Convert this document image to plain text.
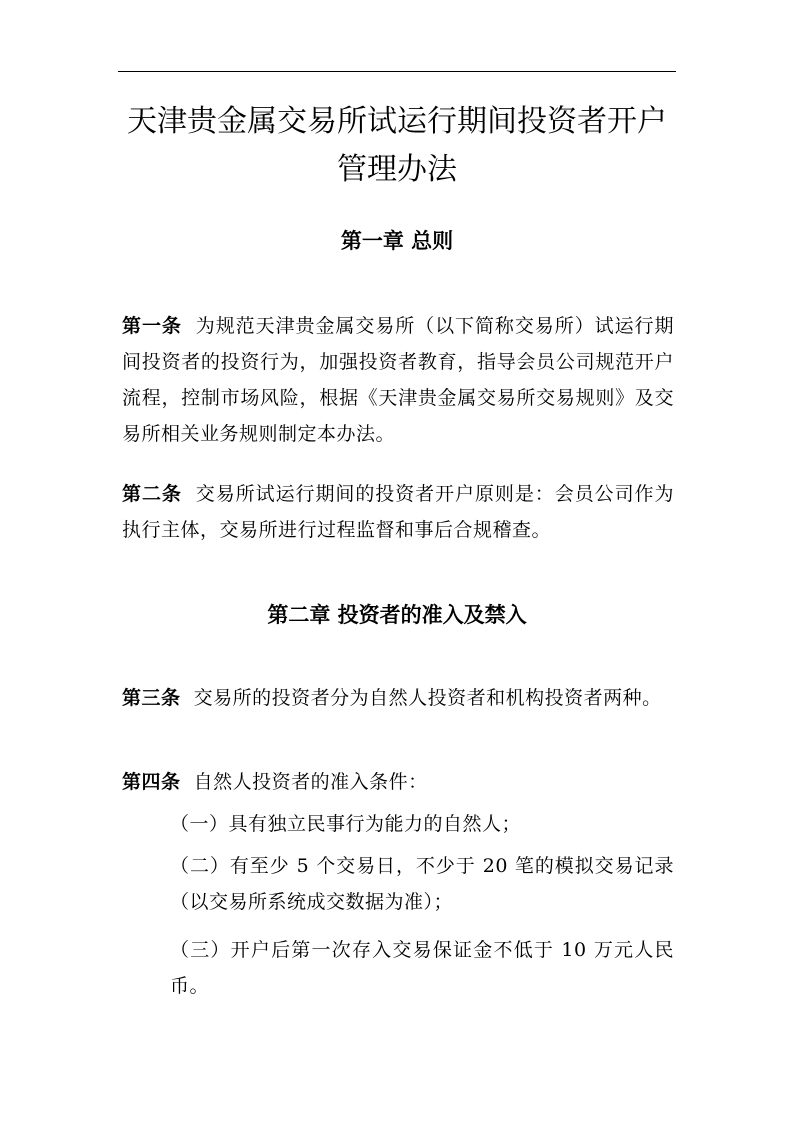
天津贵金属交易所试运行期间投资者开户管理办法
第一章 总则

第一条 为规范天津贵金属交易所（以下简称交易所）试运行期间投资者的投资行为，加强投资者教育，指导会员公司规范开户流程，控制市场风险，根据《天津贵金属交易所交易规则》及交易所相关业务规则制定本办法。

第二条 交易所试运行期间的投资者开户原则是：会员公司作为执行主体，交易所进行过程监督和事后合规稽查。

第二章 投资者的准入及禁入

第三条 交易所的投资者分为自然人投资者和机构投资者两种。

第四条 自然人投资者的准入条件：

（一）具有独立民事行为能力的自然人；

（二）有至少 5 个交易日，不少于 20 笔的模拟交易记录（以交易所系统成交数据为准）；

（三）开户后第一次存入交易保证金不低于 10 万元人民币。
